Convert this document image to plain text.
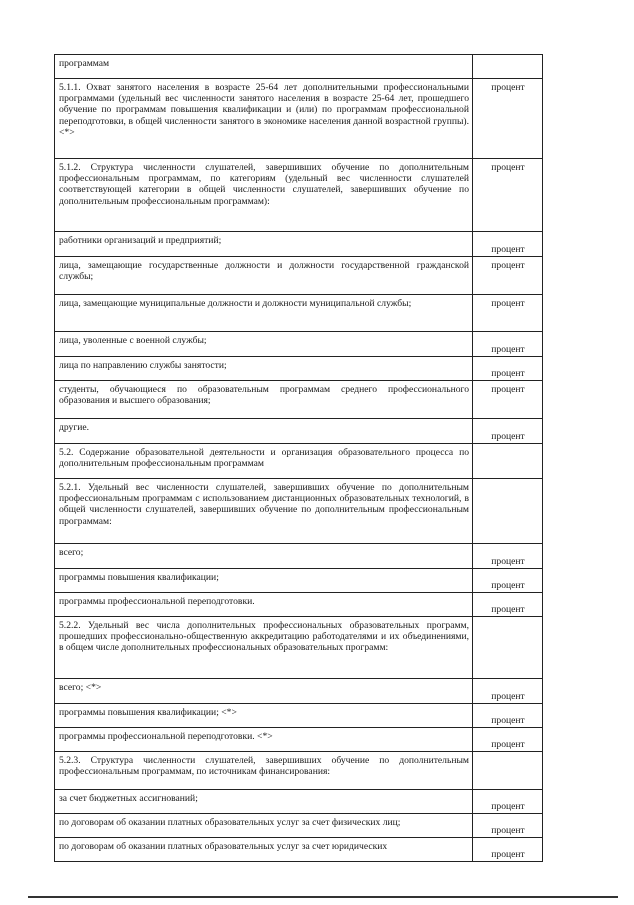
программам	
5.1.1. Охват занятого населения в возрасте 25-64 лет дополнительными профессиональными программами (удельный вес численности занятого населения в возрасте 25-64 лет, прошедшего обучение по программам повышения квалификации и (или) по программам профессиональной переподготовки, в общей численности занятого в экономике населения данной возрастной группы). <*>	процент
5.1.2. Структура численности слушателей, завершивших обучение по дополнительным профессиональным программам, по категориям (удельный вес численности слушателей соответствующей категории в общей численности слушателей, завершивших обучение по дополнительным профессиональным программам):	процент
работники организаций и предприятий;	процент
лица, замещающие государственные должности и должности государственной гражданской службы;	процент
лица, замещающие муниципальные должности и должности муниципальной службы;	процент
лица, уволенные с военной службы;	процент
лица по направлению службы занятости;	процент
студенты, обучающиеся по образовательным программам среднего профессионального образования и высшего образования;	процент
другие.	процент
5.2. Содержание образовательной деятельности и организация образовательного процесса по дополнительным профессиональным программам	
5.2.1. Удельный вес численности слушателей, завершивших обучение по дополнительным профессиональным программам с использованием дистанционных образовательных технологий, в общей численности слушателей, завершивших обучение по дополнительным профессиональным программам:	
всего;	процент
программы повышения квалификации;	процент
программы профессиональной переподготовки.	процент
5.2.2. Удельный вес числа дополнительных профессиональных образовательных программ, прошедших профессионально-общественную аккредитацию работодателями и их объединениями, в общем числе дополнительных профессиональных образовательных программ:	
всего; <*>	процент
программы повышения квалификации; <*>	процент
программы профессиональной переподготовки. <*>	процент
5.2.3. Структура численности слушателей, завершивших обучение по дополнительным профессиональным программам, по источникам финансирования:	
за счет бюджетных ассигнований;	процент
по договорам об оказании платных образовательных услуг за счет физических лиц;	процент
по договорам об оказании платных образовательных услуг за счет юридических	процент
